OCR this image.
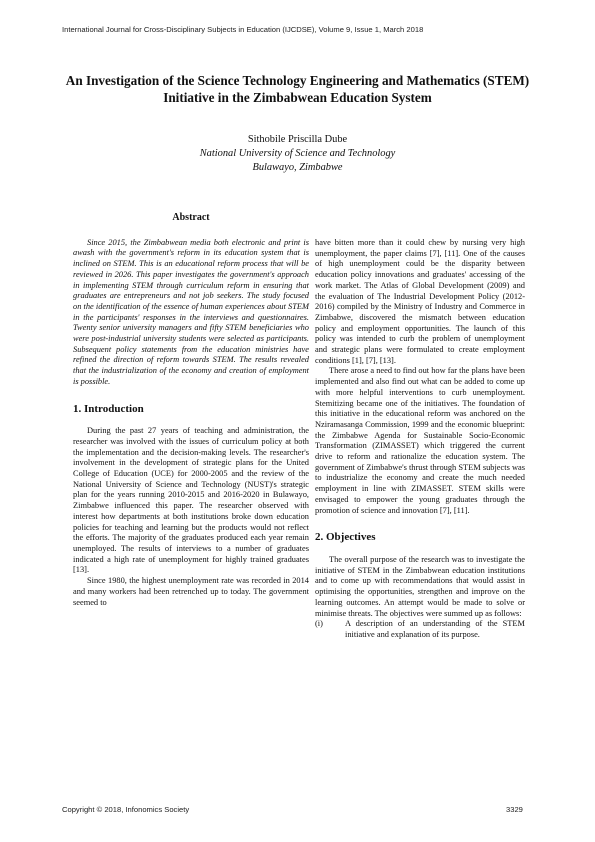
International Journal for Cross-Disciplinary Subjects in Education (IJCDSE), Volume 9, Issue 1, March 2018
An Investigation of the Science Technology Engineering and Mathematics (STEM) Initiative in the Zimbabwean Education System
Sithobile Priscilla Dube
National University of Science and Technology
Bulawayo, Zimbabwe
Abstract

Since 2015, the Zimbabwean media both electronic and print is awash with the government's reform in its education system that is inclined on STEM. This is an educational reform process that will be reviewed in 2026. This paper investigates the government's approach in implementing STEM through curriculum reform in ensuring that graduates are entrepreneurs and not job seekers. The study focused on the identification of the essence of human experiences about STEM in the participants' responses in the interviews and questionnaires. Twenty senior university managers and fifty STEM beneficiaries who were post-industrial university students were selected as participants. Subsequent policy statements from the education ministries have refined the direction of reform towards STEM. The results revealed that the industrialization of the economy and creation of employment is possible.

1. Introduction

During the past 27 years of teaching and administration, the researcher was involved with the issues of curriculum policy at both the implementation and the decision-making levels. The researcher's involvement in the development of strategic plans for the United College of Education (UCE) for 2000-2005 and the review of the National University of Science and Technology (NUST)'s strategic plan for the years running 2010-2015 and 2016-2020 in Bulawayo, Zimbabwe influenced this paper. The researcher observed with interest how departments at both institutions broke down education policies for teaching and learning but the products would not reflect the efforts. The majority of the graduates produced each year remain unemployed. The results of interviews to a number of graduates indicated a high rate of unemployment for highly trained graduates [13].

Since 1980, the highest unemployment rate was recorded in 2014 and many workers had been retrenched up to today. The government seemed to

have bitten more than it could chew by nursing very high unemployment, the paper claims [7], [11]. One of the causes of high unemployment could be the disparity between education policy innovations and graduates' accessing of the work market. The Atlas of Global Development (2009) and the evaluation of The Industrial Development Policy (2012-2016) compiled by the Ministry of Industry and Commerce in Zimbabwe, discovered the mismatch between education policy and employment opportunities. The launch of this policy was intended to curb the problem of unemployment and strategic plans were formulated to create employment conditions [1], [7], [13].

There arose a need to find out how far the plans have been implemented and also find out what can be added to come up with more helpful interventions to curb unemployment. Stemitizing became one of the initiatives. The foundation of this initiative in the educational reform was anchored on the Nziramasanga Commission, 1999 and the economic blueprint: the Zimbabwe Agenda for Sustainable Socio-Economic Transformation (ZIMASSET) which triggered the current drive to reform and rationalize the education system. The government of Zimbabwe's thrust through STEM subjects was to industrialize the economy and create the much needed employment in line with ZIMASSET. STEM skills were envisaged to empower the young graduates through the promotion of science and innovation [7], [11].

2. Objectives

The overall purpose of the research was to investigate the initiative of STEM in the Zimbabwean education institutions and to come up with recommendations that would assist in optimising the opportunities, strengthen and improve on the learning outcomes. An attempt would be made to solve or minimise threats. The objectives were summed up as follows:

(i)	A description of an understanding of the STEM initiative and explanation of its purpose.
Copyright © 2018, Infonomics Society	3329
